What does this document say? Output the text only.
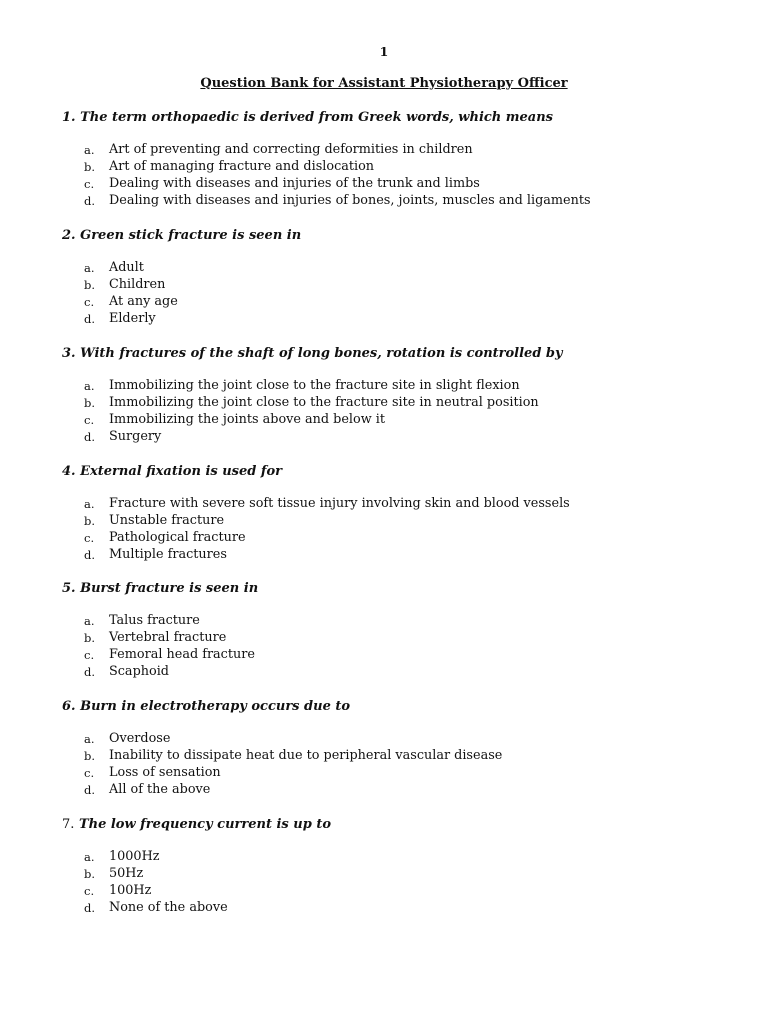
1
Question Bank for Assistant Physiotherapy Officer
1. The term orthopaedic is derived from Greek words, which means
a.	Art of preventing and correcting deformities in children
b.	Art of managing fracture and dislocation
c.	Dealing with diseases and injuries of the trunk and limbs
d.	Dealing with diseases and injuries of bones, joints, muscles and ligaments
2. Green stick fracture is seen in
a.	Adult
b.	Children
c.	At any age
d.	Elderly
3. With fractures of the shaft of long bones, rotation is controlled by
a.	Immobilizing the joint close to the fracture site in slight flexion
b.	Immobilizing the joint close to the fracture site in neutral position
c.	Immobilizing the joints above and below it
d.	Surgery
4. External fixation is used for
a.	Fracture with severe soft tissue injury involving skin and blood vessels
b.	Unstable fracture
c.	Pathological fracture
d.	Multiple fractures
5. Burst fracture is seen in
a.	Talus fracture
b.	Vertebral fracture
c.	Femoral head fracture
d.	Scaphoid
6. Burn in electrotherapy occurs due to
a.	Overdose
b.	Inability to dissipate heat due to peripheral vascular disease
c.	Loss of sensation
d.	All of the above
7. The low frequency current is up to
a.	1000Hz
b.	50Hz
c.	100Hz
d.	None of the above
